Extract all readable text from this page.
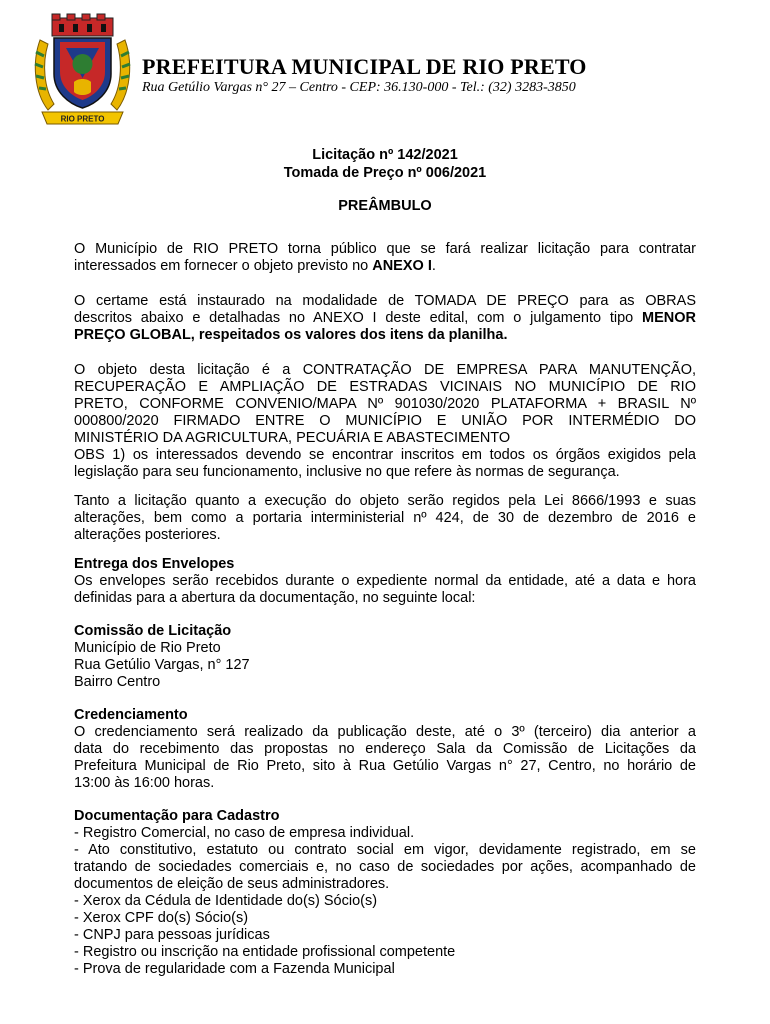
RIO PRETO
PREFEITURA MUNICIPAL DE RIO PRETO
Rua Getúlio Vargas n° 27 – Centro - CEP: 36.130-000 - Tel.: (32) 3283-3850
Licitação nº 142/2021
Tomada de Preço nº 006/2021
PREÂMBULO
O Município de RIO PRETO torna público que se fará realizar licitação para contratar
interessados em fornecer o objeto previsto no ANEXO I.
O certame está instaurado na modalidade de TOMADA DE PREÇO para as OBRAS
descritos abaixo e detalhadas no ANEXO I deste edital, com o julgamento tipo MENOR
PREÇO GLOBAL, respeitados os valores dos itens da planilha.
O objeto desta licitação é a CONTRATAÇÃO DE EMPRESA PARA MANUTENÇÃO,
RECUPERAÇÃO E AMPLIAÇÃO DE ESTRADAS VICINAIS NO MUNICÍPIO DE RIO
PRETO, CONFORME CONVENIO/MAPA Nº 901030/2020 PLATAFORMA + BRASIL Nº
000800/2020 FIRMADO ENTRE O MUNICÍPIO E UNIÃO POR INTERMÉDIO DO
MINISTÉRIO DA AGRICULTURA, PECUÁRIA E ABASTECIMENTO
OBS 1) os interessados devendo se encontrar inscritos em todos os órgãos exigidos pela
legislação para seu funcionamento, inclusive no que refere às normas de segurança.
Tanto a licitação quanto a execução do objeto serão regidos pela Lei 8666/1993 e suas
alterações, bem como a portaria interministerial nº 424, de 30 de dezembro de 2016 e
alterações posteriores.
Entrega dos Envelopes
Os envelopes serão recebidos durante o expediente normal da entidade, até a data e hora
definidas para a abertura da documentação, no seguinte local:
Comissão de Licitação
Município de Rio Preto
Rua Getúlio Vargas, n° 127
Bairro Centro
Credenciamento
O credenciamento será realizado da publicação deste, até o 3º (terceiro) dia anterior a
data do recebimento das propostas no endereço Sala da Comissão de Licitações da
Prefeitura Municipal de Rio Preto, sito à Rua Getúlio Vargas n° 27, Centro, no horário de
13:00 às 16:00 horas.
Documentação para Cadastro
- Registro Comercial, no caso de empresa individual.
- Ato constitutivo, estatuto ou contrato social em vigor, devidamente registrado, em se
tratando de sociedades comerciais e, no caso de sociedades por ações, acompanhado de
documentos de eleição de seus administradores.
- Xerox da Cédula de Identidade do(s) Sócio(s)
- Xerox CPF do(s) Sócio(s)
- CNPJ para pessoas jurídicas
- Registro ou inscrição na entidade profissional competente
- Prova de regularidade com a Fazenda Municipal
